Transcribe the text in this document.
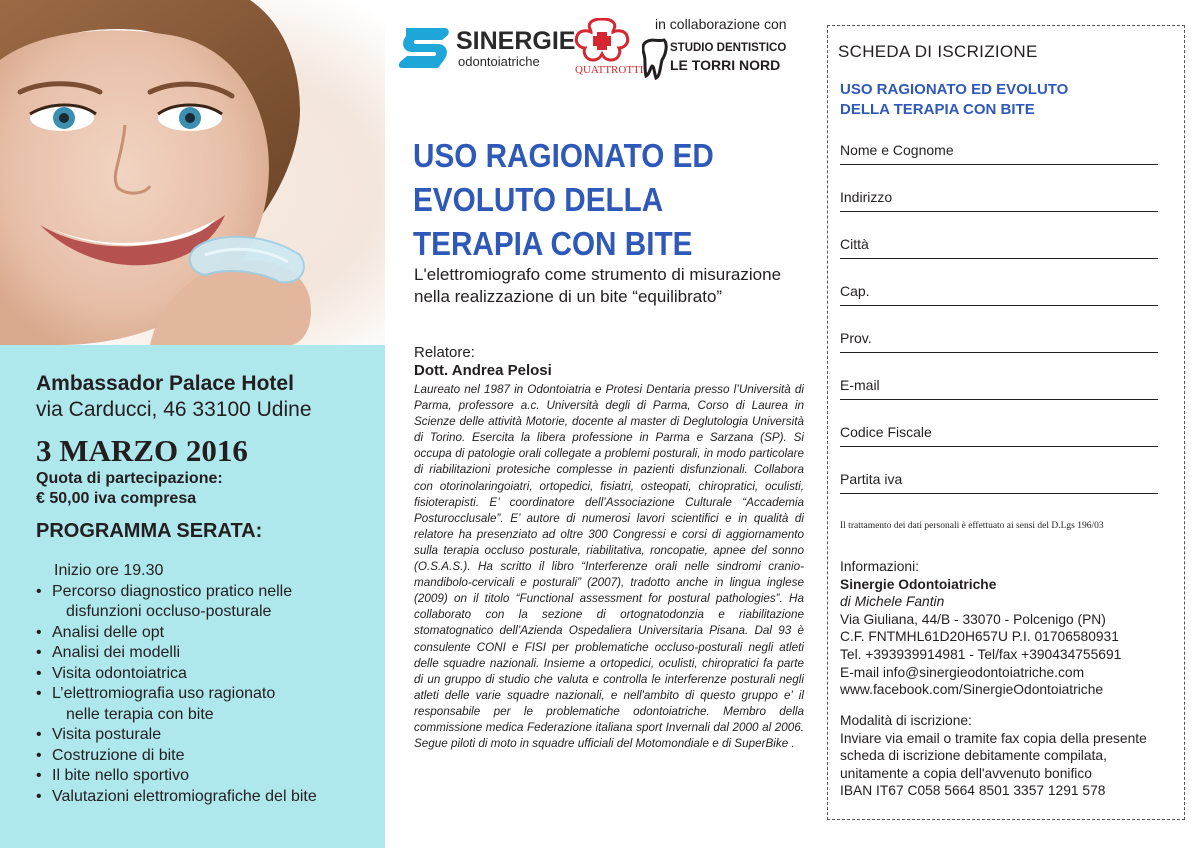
Ambassador Palace Hotel
via Carducci, 46 33100 Udine
3 MARZO 2016
Quota di partecipazione:
€ 50,00 iva compresa
PROGRAMMA SERATA:
Inizio ore 19.30
• Percorso diagnostico pratico nelle
disfunzioni occluso-posturale
• Analisi delle opt
• Analisi dei modelli
• Visita odontoiatrica
• L’elettromiografia uso ragionato
nelle terapia con bite
• Visita posturale
• Costruzione di bite
• Il bite nello sportivo
• Valutazioni elettromiografiche del bite
SINERGIE
odontoiatriche
QUATTROTTI
in collaborazione con
STUDIO DENTISTICO
LE TORRI NORD
USO RAGIONATO ED
EVOLUTO DELLA
TERAPIA CON BITE
L'elettromiografo come strumento di misurazione
nella realizzazione di un bite “equilibrato”
Relatore:
Dott. Andrea Pelosi
Laureato nel 1987 in Odontoiatria e Protesi Dentaria presso l’Università di Parma, professore a.c. Università degli di Parma, Corso di Laurea in Scienze delle attività Motorie, docente al master di Deglutologia Università di Torino. Esercita la libera professione in Parma e Sarzana (SP). Si occupa di patologie orali collegate a problemi posturali, in modo particolare di riabilitazioni protesiche complesse in pazienti disfunzionali. Collabora con otorinolaringoiatri, ortopedici, fisiatri, osteopati, chiropratici, oculisti, fisioterapisti. E’ coordinatore dell’Associazione Culturale “Accademia Posturocclusale”. E’ autore di numerosi lavori scientifici e in qualità di relatore ha presenziato ad oltre 300 Congressi e corsi di aggiornamento sulla terapia occluso posturale, riabilitativa, roncopatie, apnee del sonno (O.S.A.S.). Ha scritto il libro “Interferenze orali nelle sindromi cranio-mandibolo-cervicali e posturali” (2007), tradotto anche in lingua inglese (2009) on il titolo “Functional assessment for postural pathologies”. Ha collaborato con la sezione di ortognatodonzia e riabilitazione stomatognatico dell’Azienda Ospedaliera Universitaria Pisana. Dal 93 è consulente CONI e FISI per problematiche occluso-posturali negli atleti delle squadre nazionali. Insieme a ortopedici, oculisti, chiropratici fa parte di un gruppo di studio che valuta e controlla le interferenze posturali negli atleti delle varie squadre nazionali, e nell'ambito di questo gruppo e' il responsabile per le problematiche odontoiatriche. Membro della commissione medica Federazione italiana sport Invernali dal 2000 al 2006. Segue piloti di moto in squadre ufficiali del Motomondiale e di SuperBike .
SCHEDA DI ISCRIZIONE
USO RAGIONATO ED EVOLUTO
DELLA TERAPIA CON BITE
Nome e Cognome
Indirizzo
Città
Cap.
Prov.
E-mail
Codice Fiscale
Partita iva
Il trattamento dei dati personali è effettuato ai sensi del D.Lgs 196/03
Informazioni:
Sinergie Odontoiatriche
di Michele Fantin
Via Giuliana, 44/B - 33070 - Polcenigo (PN)
C.F. FNTMHL61D20H657U P.I. 01706580931
Tel. +393939914981 - Tel/fax +390434755691
E-mail info@sinergieodontoiatriche.com
www.facebook.com/SinergieOdontoiatriche
Modalità di iscrizione:
Inviare via email o tramite fax copia della presente
scheda di iscrizione debitamente compilata,
unitamente a copia dell'avvenuto bonifico
IBAN IT67 C058 5664 8501 3357 1291 578
